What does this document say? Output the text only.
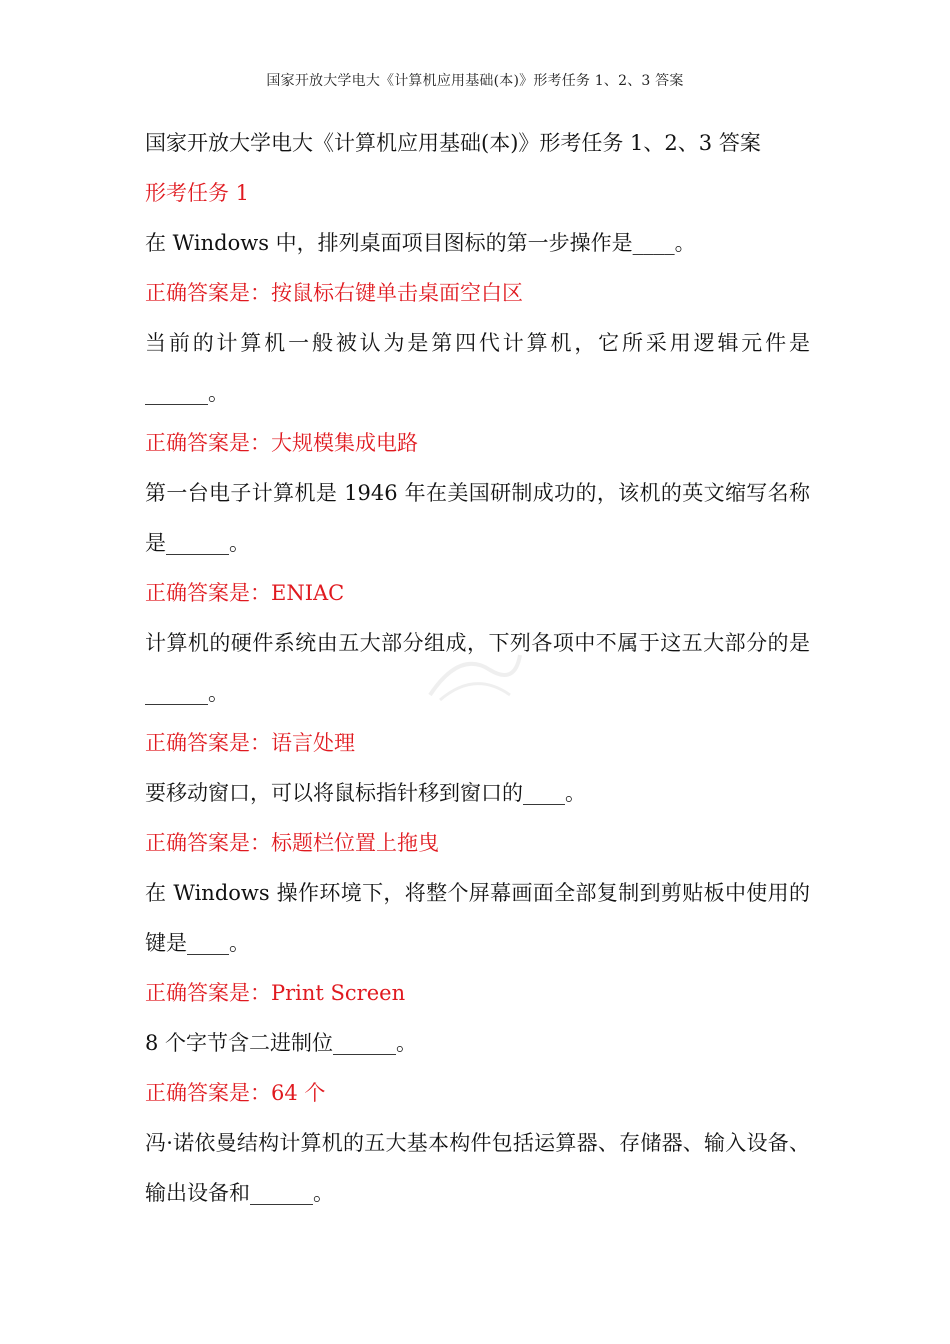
国家开放大学电大《计算机应用基础(本)》形考任务 1、2、3 答案
国家开放大学电大《计算机应用基础(本)》形考任务 1、2、3 答案
形考任务 1
在 Windows 中，排列桌面项目图标的第一步操作是____。
正确答案是：按鼠标右键单击桌面空白区
当前的计算机一般被认为是第四代计算机，它所采用逻辑元件是______。
正确答案是：大规模集成电路
第一台电子计算机是 1946 年在美国研制成功的，该机的英文缩写名称是______。
正确答案是：ENIAC
计算机的硬件系统由五大部分组成，下列各项中不属于这五大部分的是______。
正确答案是：语言处理
要移动窗口，可以将鼠标指针移到窗口的____。
正确答案是：标题栏位置上拖曳
在 Windows 操作环境下，将整个屏幕画面全部复制到剪贴板中使用的键是____。
正确答案是：Print Screen
8 个字节含二进制位______。
正确答案是：64 个
冯·诺依曼结构计算机的五大基本构件包括运算器、存储器、输入设备、输出设备和______。
